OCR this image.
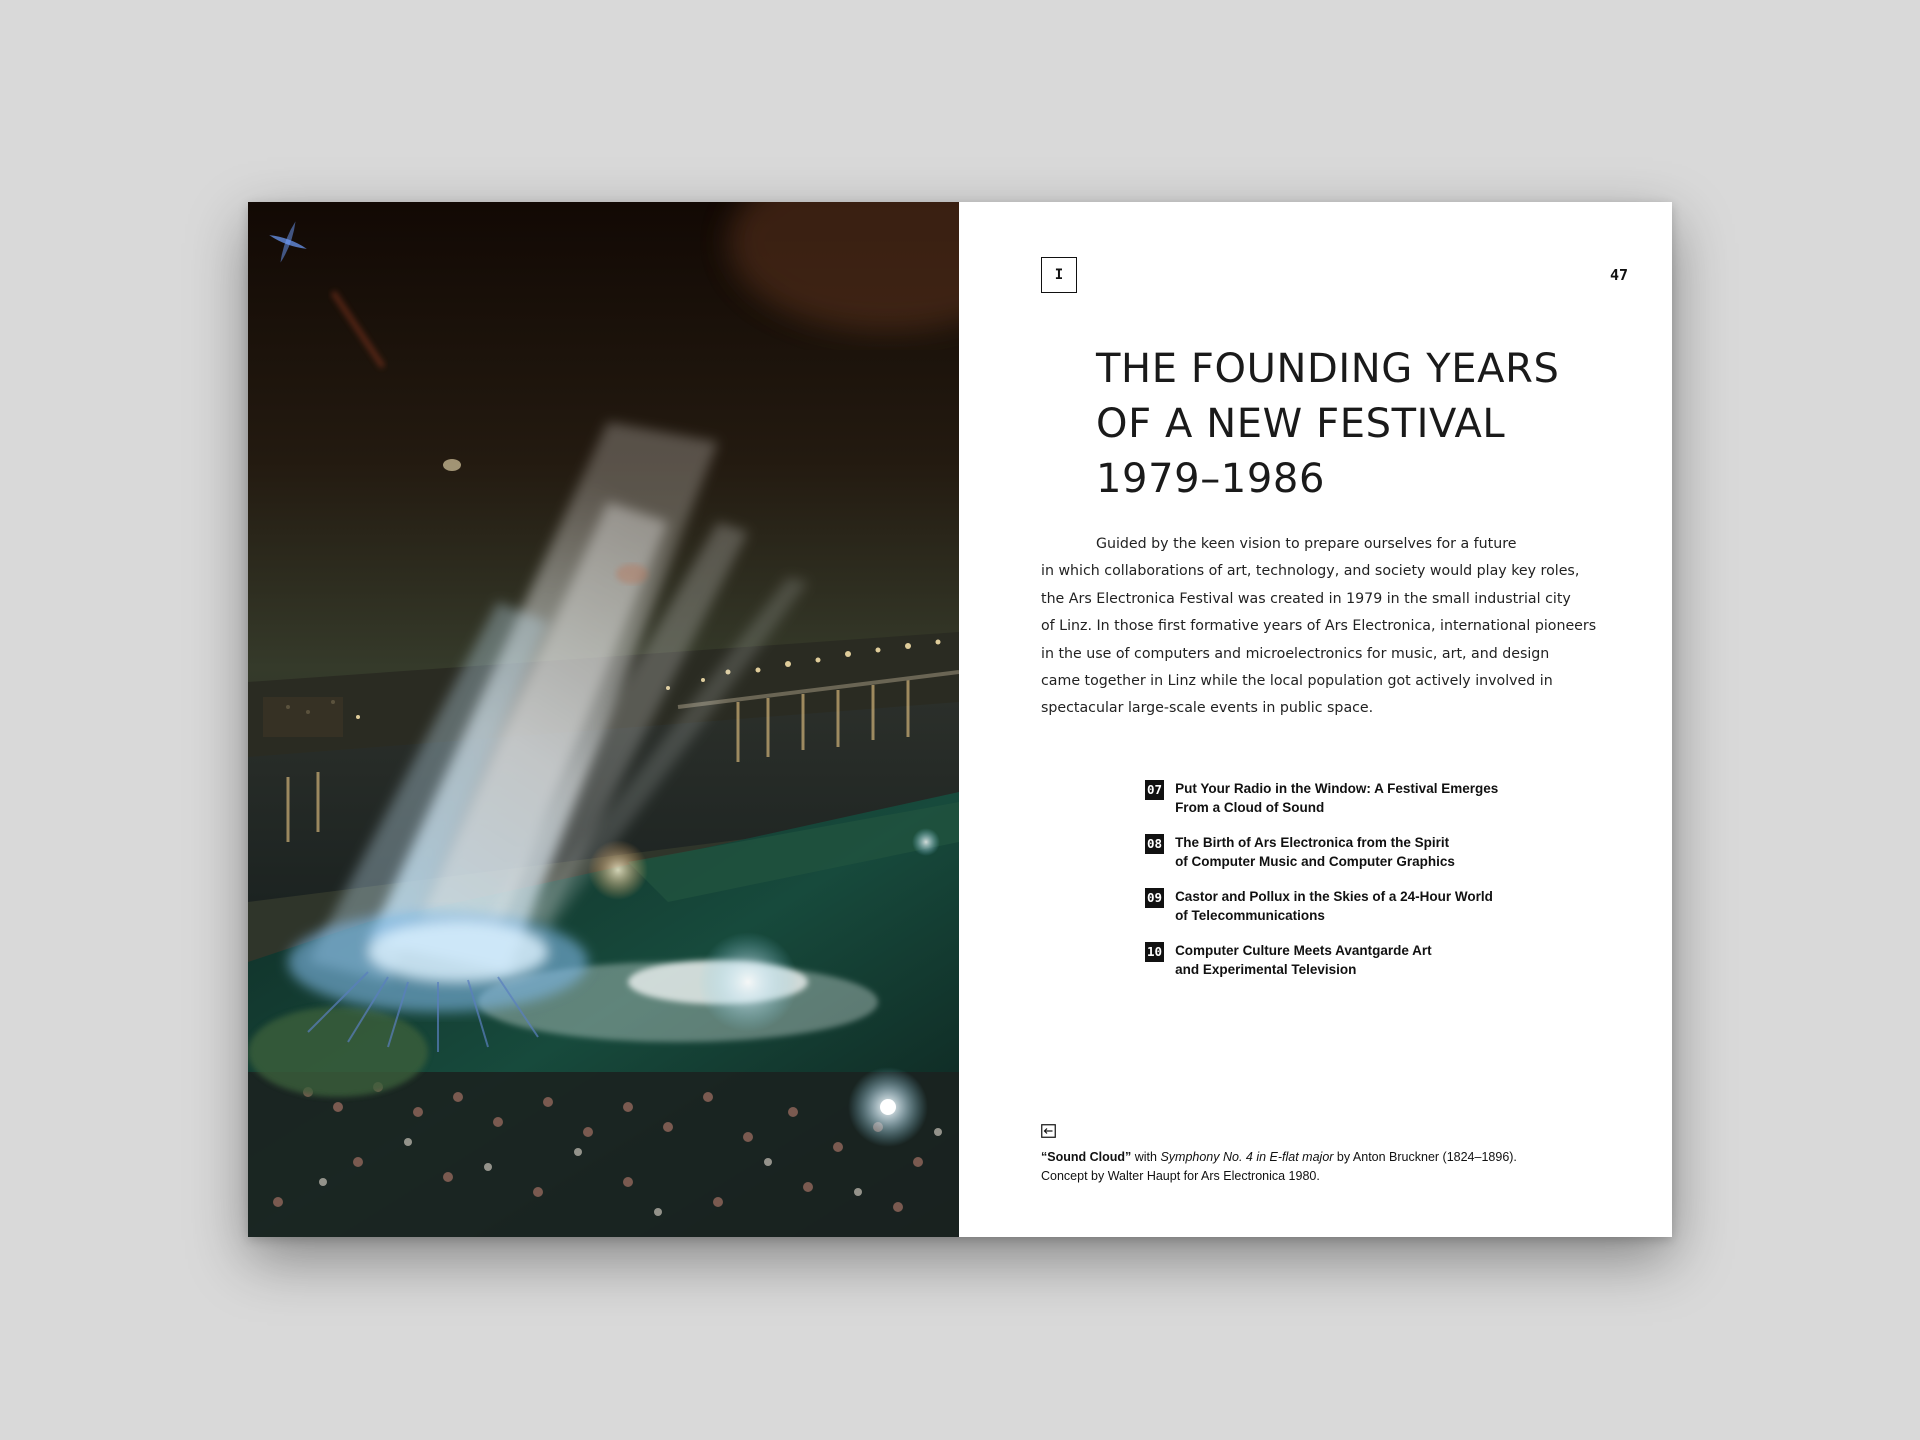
I	47
THE FOUNDING YEARS
OF A NEW FESTIVAL
1979–1986
Guided by the keen vision to prepare ourselves for a future
in which collaborations of art, technology, and society would play key roles,
the Ars Electronica Festival was created in 1979 in the small industrial city
of Linz. In those first formative years of Ars Electronica, international pioneers
in the use of computers and microelectronics for music, art, and design
came together in Linz while the local population got actively involved in
spectacular large-scale events in public space.
07 Put Your Radio in the Window: A Festival Emerges
From a Cloud of Sound
08 The Birth of Ars Electronica from the Spirit
of Computer Music and Computer Graphics
09 Castor and Pollux in the Skies of a 24-Hour World
of Telecommunications
10 Computer Culture Meets Avantgarde Art
and Experimental Television
“Sound Cloud” with Symphony No. 4 in E-flat major by Anton Bruckner (1824–1896).
Concept by Walter Haupt for Ars Electronica 1980.
